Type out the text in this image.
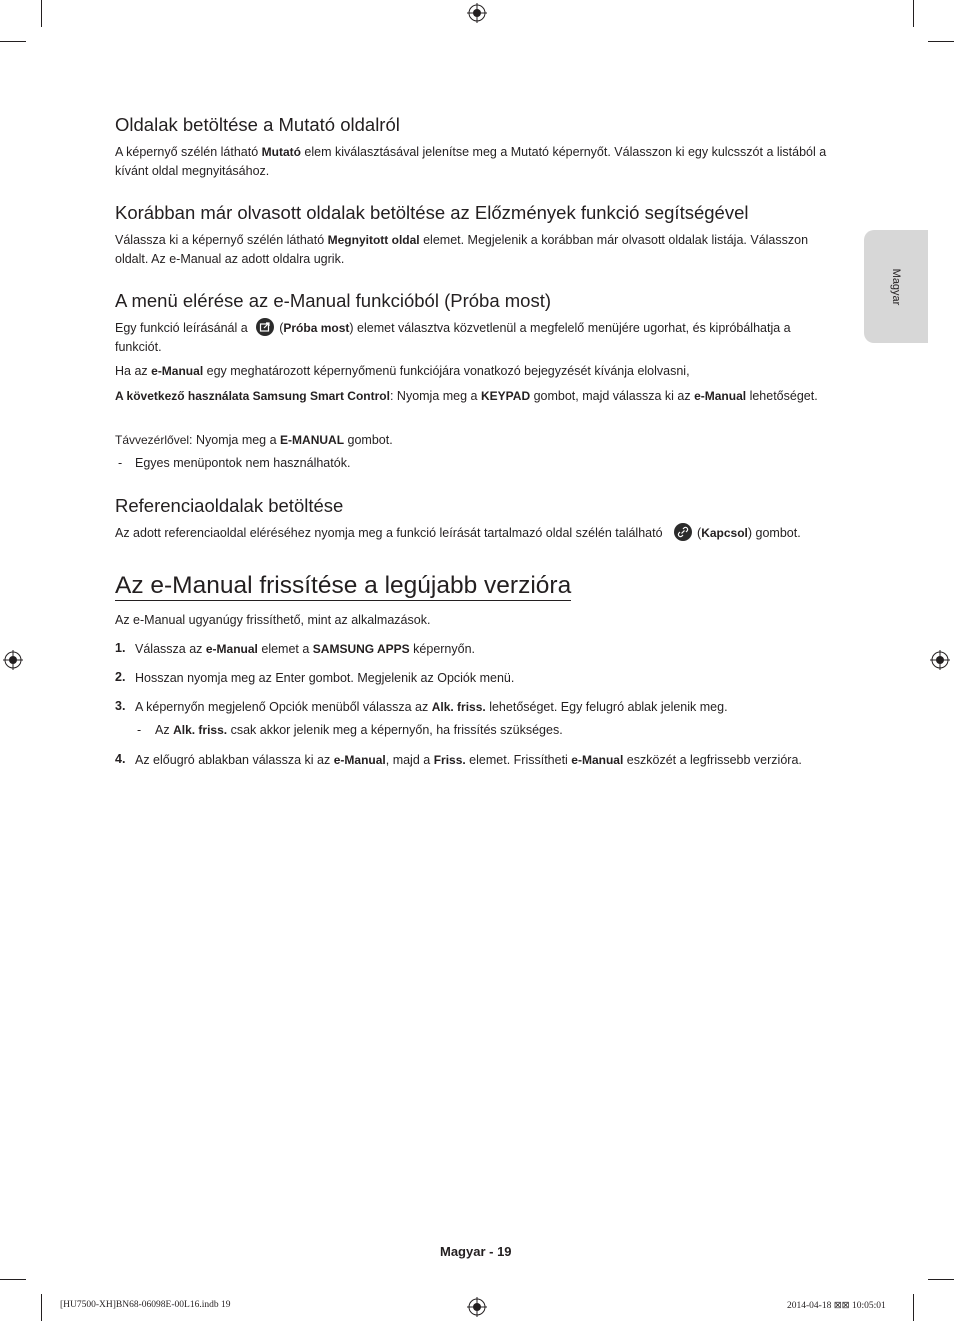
Magyar
Oldalak betöltése a Mutató oldalról

A képernyő szélén látható Mutató elem kiválasztásával jelenítse meg a Mutató képernyőt. Válasszon ki egy kulcsszót a listából a kívánt oldal megnyitásához.

Korábban már olvasott oldalak betöltése az Előzmények funkció segítségével

Válassza ki a képernyő szélén látható Megnyitott oldal elemet. Megjelenik a korábban már olvasott oldalak listája. Válasszon oldalt. Az e-Manual az adott oldalra ugrik.

A menü elérése az e-Manual funkcióból (Próba most)

Egy funkció leírásánál a
(Próba most) elemet választva közvetlenül a megfelelő menüjére ugorhat, és kipróbálhatja a funkciót.

Ha az e-Manual egy meghatározott képernyőmenü funkciójára vonatkozó bejegyzését kívánja elolvasni,

A következő használata Samsung Smart Control: Nyomja meg a KEYPAD gombot, majd válassza ki az e-Manual lehetőséget.

Távvezérlővel: Nyomja meg a E-MANUAL gombot.

- Egyes menüpontok nem használhatók.
Referenciaoldalak betöltése

Az adott referenciaoldal eléréséhez nyomja meg a funkció leírását tartalmazó oldal szélén található
(Kapcsol) gombot.

Az e-Manual frissítése a legújabb verzióra

Az e-Manual ugyanúgy frissíthető, mint az alkalmazások.

1. Válassza az e-Manual elemet a SAMSUNG APPS képernyőn.
2. Hosszan nyomja meg az Enter gombot. Megjelenik az Opciók menü.
3. A képernyőn megjelenő Opciók menüből válassza az Alk. friss. lehetőséget. Egy felugró ablak jelenik meg.
- Az Alk. friss. csak akkor jelenik meg a képernyőn, ha frissítés szükséges.
4. Az előugró ablakban válassza ki az e-Manual, majd a Friss. elemet. Frissítheti e-Manual eszközét a legfrissebb verzióra.
Magyar - 19
[HU7500-XH]BN68-06098E-00L16.indb 19	2014-04-18 ⊠⊠ 10:05:01
